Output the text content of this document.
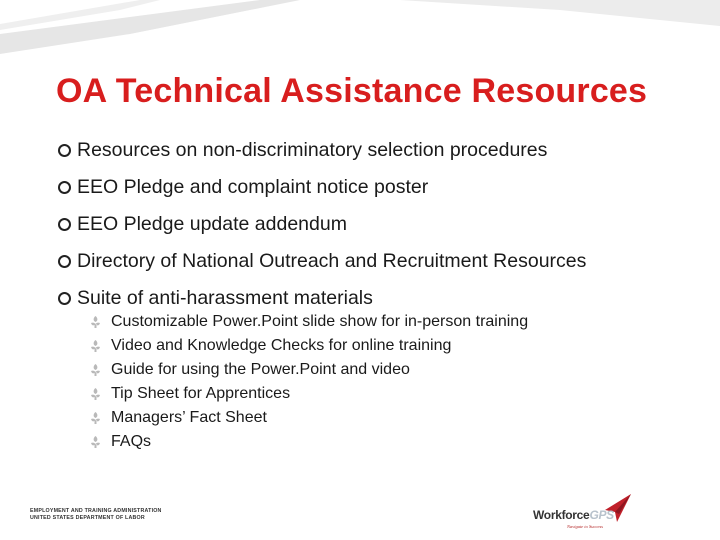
OA Technical Assistance Resources
Resources on non-discriminatory selection procedures
EEO Pledge and complaint notice poster
EEO Pledge update addendum
Directory of National Outreach and Recruitment Resources
Suite of anti-harassment materials
Customizable Power.Point slide show for in-person training
Video and Knowledge Checks for online training
Guide for using the Power.Point and video
Tip Sheet for Apprentices
Managers’ Fact Sheet
FAQs
EMPLOYMENT AND TRAINING ADMINISTRATION
UNITED STATES DEPARTMENT OF LABOR	WorkforceGPS
Navigate to Success
